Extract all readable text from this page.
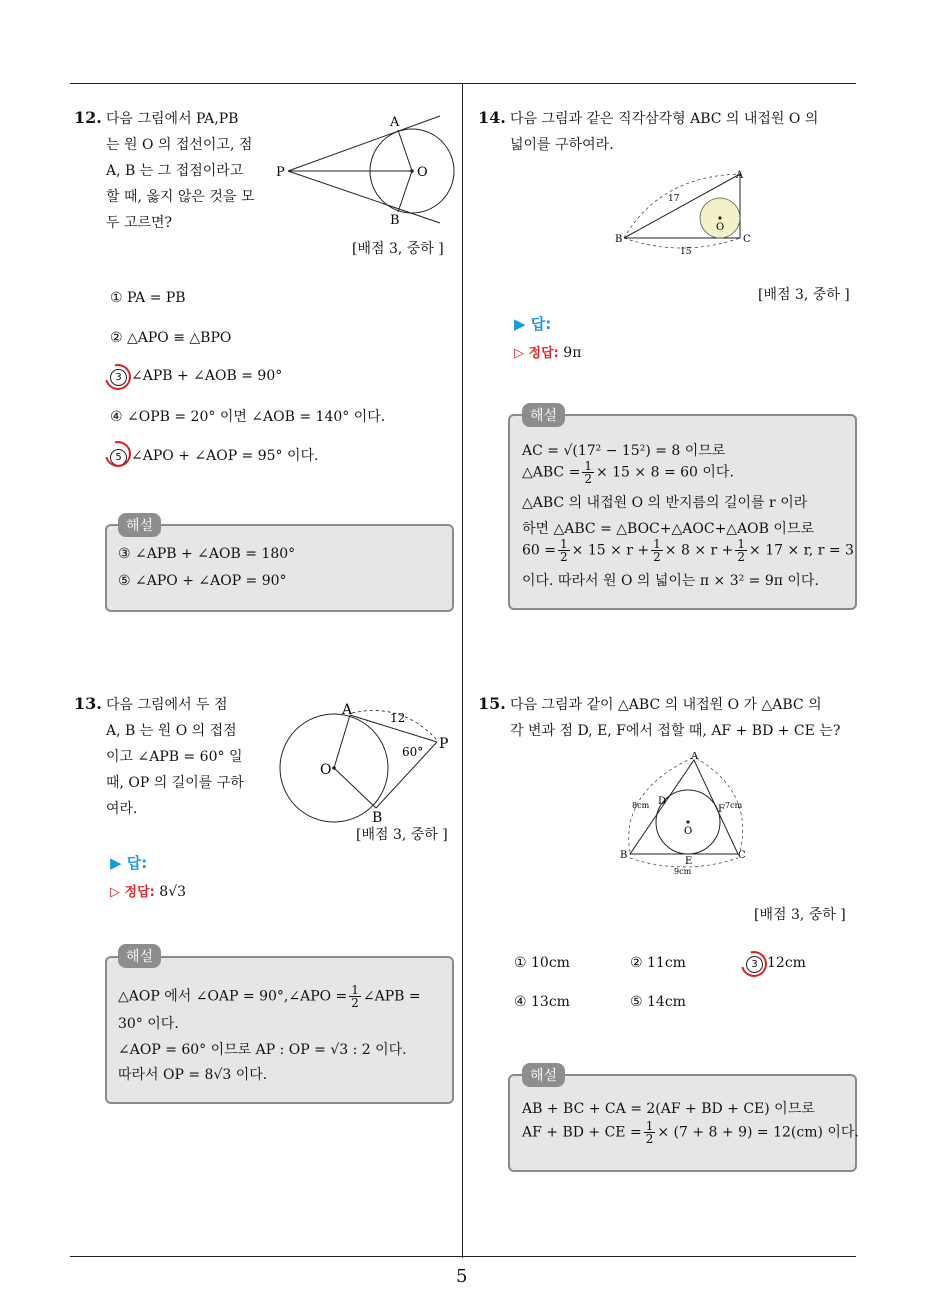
5
12. 다음 그림에서 PA,PB
는 원 O 의 접선이고, 점
A, B 는 그 접점이라고
할 때, 옳지 않은 것을 모
두 고르면?
A
B
P	O
[배점 3, 중하 ]
① PA = PB
② △APO ≡ △BPO
3 ∠APB + ∠AOB = 90°
④ ∠OPB = 20° 이면 ∠AOB = 140° 이다.
5 ∠APO + ∠AOP = 95° 이다.
해설
③ ∠APB + ∠AOB = 180°
⑤ ∠APO + ∠AOP = 90°
13. 다음 그림에서 두 점
A, B 는 원 O 의 접점
이고 ∠APB = 60° 일
때, OP 의 길이를 구하
여라.
A
B
P
O
12
60°
[배점 3, 중하 ]
▶ 답:
▷ 정답: 8√3
해설
△AOP 에서 ∠OAP = 90°,∠APO = $\frac{1}{2}$ ∠APB =
30° 이다.
∠AOP = 60° 이므로 AP : OP = √3 : 2 이다.
따라서 OP = 8√3 이다.
14. 다음 그림과 같은 직각삼각형 ABC 의 내접원 O 의
넓이를 구하여라.
A
B	C
O
17
15
[배점 3, 중하 ]
▶ 답:
▷ 정답: 9π
해설
AC = √(17² − 15²) = 8 이므로
△ABC = $\frac{1}{2} \times 15 \times 8 = 60$ 이다.
△ABC 의 내접원 O 의 반지름의 길이를 r 이라
하면 △ABC = △BOC+△AOC+△AOB 이므로
$60 = \frac{1}{2} \times 15 \times r + \frac{1}{2} \times 8 \times r + \frac{1}{2} \times 17 \times r$, r = 3
이다. 따라서 원 O 의 넓이는 π × 3² = 9π 이다.
15. 다음 그림과 같이 △ABC 의 내접원 O 가 △ABC 의
각 변과 점 D, E, F에서 접할 때, AF + BD + CE 는?
A
B	C
D
E
F
O
8cm	7cm
9cm
[배점 3, 중하 ]
① 10cm	② 11cm	3 12cm
④ 13cm	⑤ 14cm
해설
AB + BC + CA = 2(AF + BD + CE) 이므로
AF + BD + CE = $\frac{1}{2} \times (7 + 8 + 9) = 12(cm)$ 이다.
